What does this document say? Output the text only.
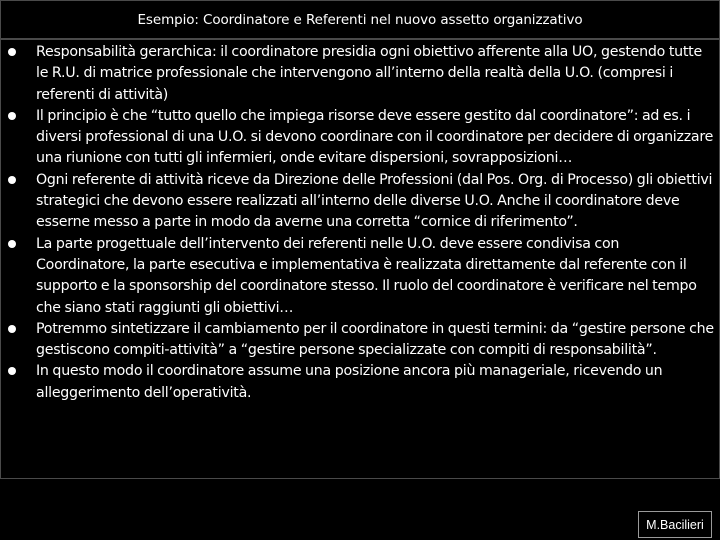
Esempio: Coordinatore e Referenti nel nuovo assetto organizzativo
Responsabilità gerarchica: il coordinatore presidia ogni obiettivo afferente alla UO, gestendo tutte le R.U. di matrice professionale che intervengono all’interno della realtà della U.O. (compresi i referenti di attività)
Il principio è che “tutto quello che impiega risorse deve essere gestito dal coordinatore”: ad es. i diversi professional di una U.O. si devono coordinare con il coordinatore per decidere di organizzare una riunione con tutti gli infermieri, onde evitare dispersioni, sovrapposizioni…
Ogni referente di attività riceve da Direzione delle Professioni (dal Pos. Org. di Processo) gli obiettivi strategici che devono essere realizzati all’interno delle diverse U.O. Anche il coordinatore deve esserne messo a parte in modo da averne una corretta “cornice di riferimento”.
La parte progettuale dell’intervento dei referenti nelle U.O. deve essere condivisa con Coordinatore, la parte esecutiva e implementativa è realizzata direttamente dal referente con il supporto e la sponsorship del coordinatore stesso. Il ruolo del coordinatore è verificare nel tempo che siano stati raggiunti gli obiettivi…
Potremmo sintetizzare il cambiamento per il coordinatore in questi termini: da “gestire persone che gestiscono compiti-attività” a “gestire persone specializzate con compiti di responsabilità”.
In questo modo il coordinatore assume una posizione ancora più manageriale, ricevendo un alleggerimento dell’operatività.
M.Bacilieri
